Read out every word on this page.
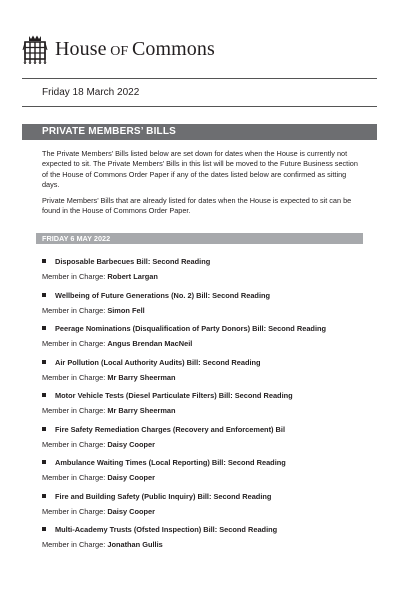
House OF Commons
Friday 18 March 2022
PRIVATE MEMBERS’ BILLS

The Private Members’ Bills listed below are set down for dates when the House is currently not expected to sit. The Private Members’ Bills in this list will be moved to the Future Business section of the House of Commons Order Paper if any of the dates listed below are confirmed as sitting days.

Private Members’ Bills that are already listed for dates when the House is expected to sit can be found in the House of Commons Order Paper.

FRIDAY 6 MAY 2022
Disposable Barbecues Bill: Second Reading
Member in Charge: Robert Largan
Wellbeing of Future Generations (No. 2) Bill: Second Reading
Member in Charge: Simon Fell
Peerage Nominations (Disqualification of Party Donors) Bill: Second Reading
Member in Charge: Angus Brendan MacNeil
Air Pollution (Local Authority Audits) Bill: Second Reading
Member in Charge: Mr Barry Sheerman
Motor Vehicle Tests (Diesel Particulate Filters) Bill: Second Reading
Member in Charge: Mr Barry Sheerman
Fire Safety Remediation Charges (Recovery and Enforcement) Bil
Member in Charge: Daisy Cooper
Ambulance Waiting Times (Local Reporting) Bill: Second Reading
Member in Charge: Daisy Cooper
Fire and Building Safety (Public Inquiry) Bill: Second Reading
Member in Charge: Daisy Cooper
Multi-Academy Trusts (Ofsted Inspection) Bill: Second Reading
Member in Charge: Jonathan Gullis
